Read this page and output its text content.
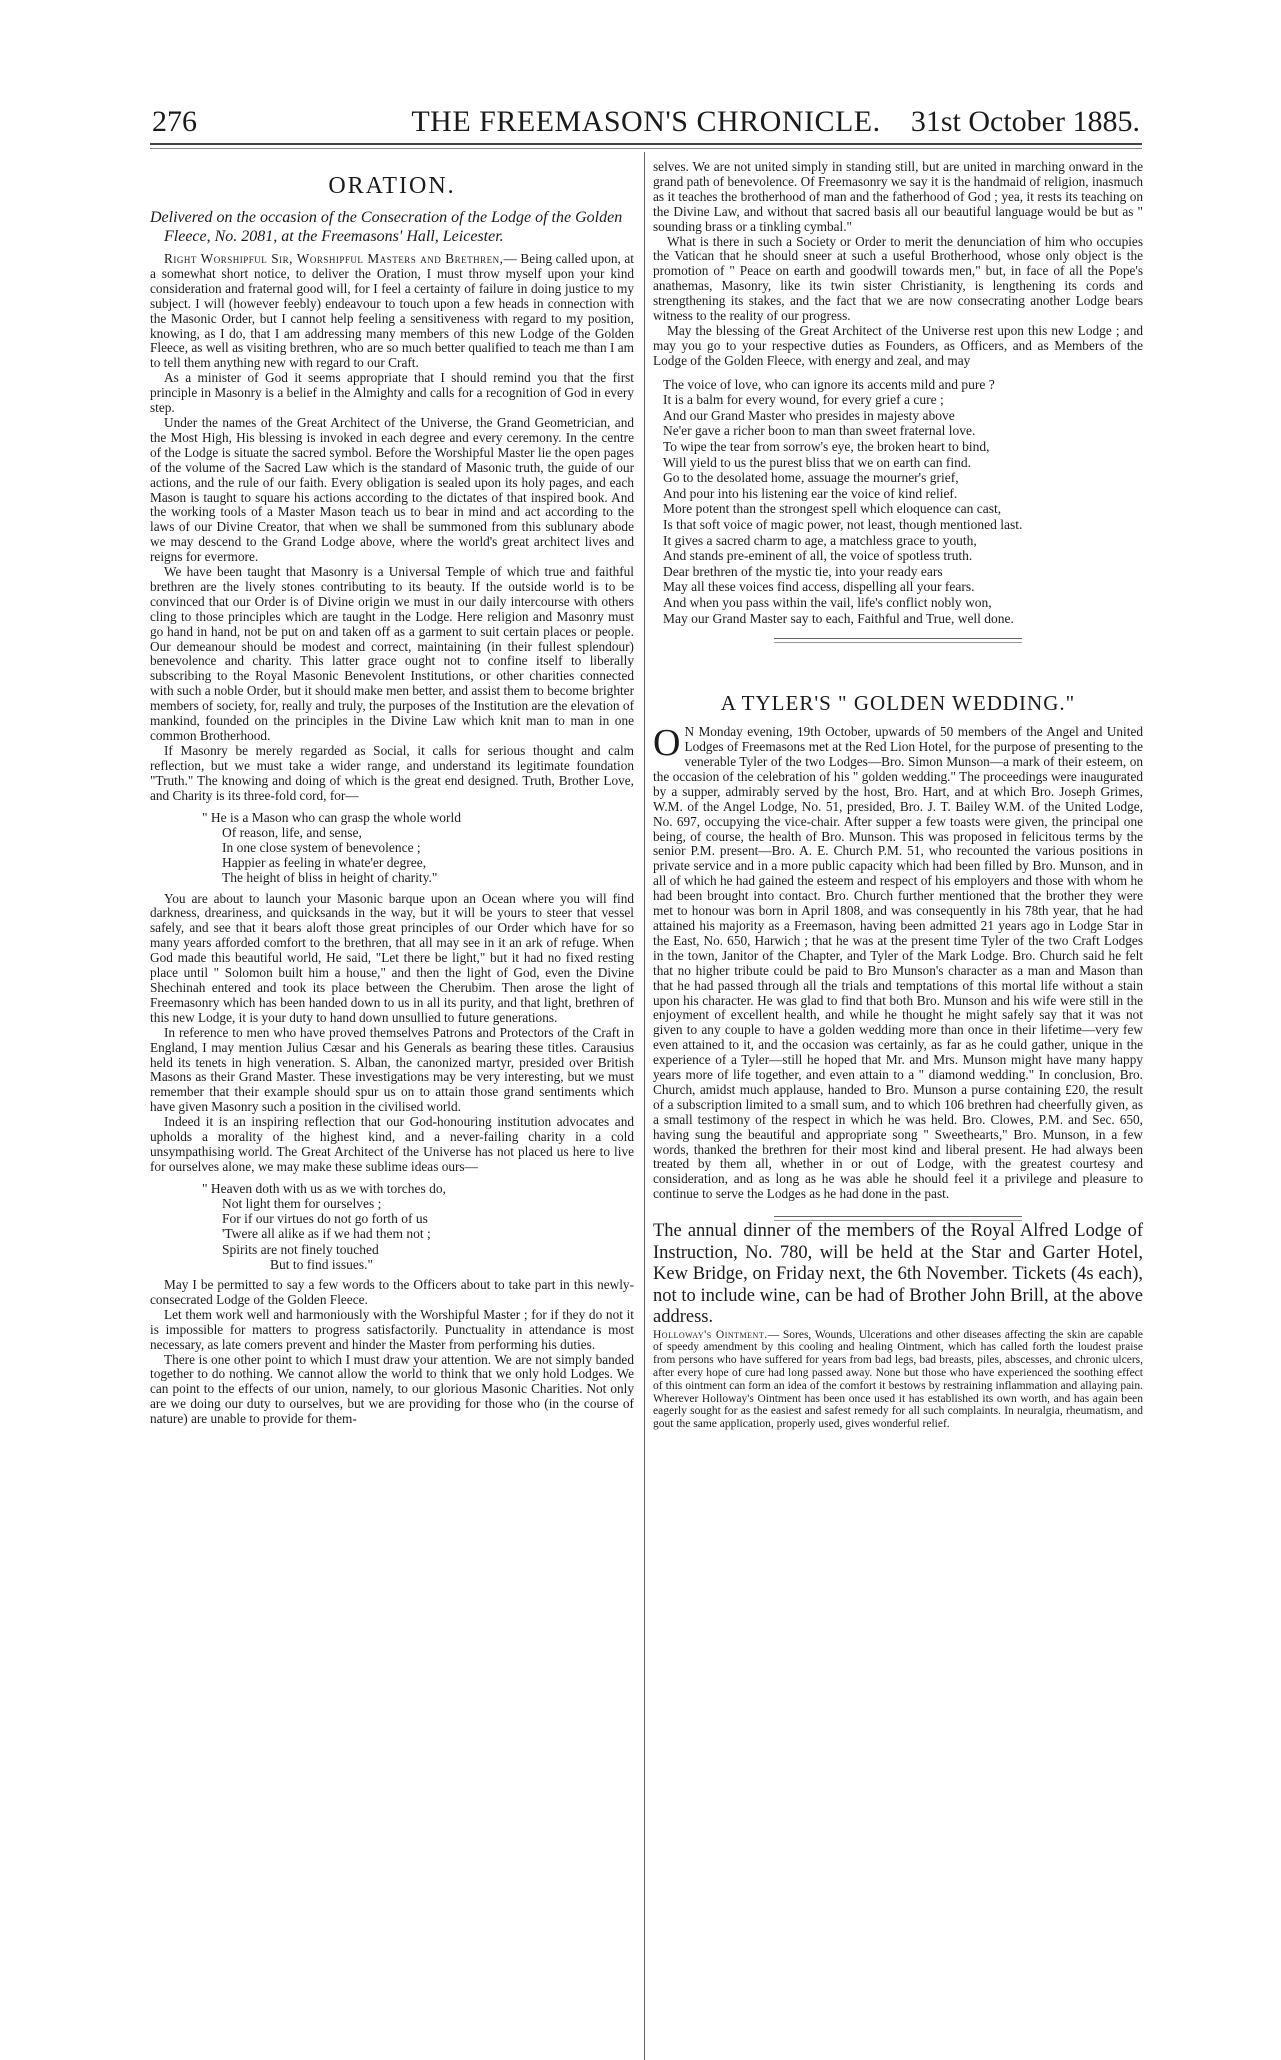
276	THE FREEMASON'S CHRONICLE.	31st October 1885.
ORATION.
Delivered on the occasion of the Consecration of the Lodge of the Golden Fleece, No. 2081, at the Freemasons' Hall, Leicester.

Right Worshipful Sir, Worshipful Masters and Brethren,— Being called upon, at a somewhat short notice, to deliver the Oration, I must throw myself upon your kind consideration and fraternal good will, for I feel a certainty of failure in doing justice to my subject. I will (however feebly) endeavour to touch upon a few heads in connection with the Masonic Order, but I cannot help feeling a sensitiveness with regard to my position, knowing, as I do, that I am addressing many members of this new Lodge of the Golden Fleece, as well as visiting brethren, who are so much better qualified to teach me than I am to tell them anything new with regard to our Craft.

As a minister of God it seems appropriate that I should remind you that the first principle in Masonry is a belief in the Almighty and calls for a recognition of God in every step.

Under the names of the Great Architect of the Universe, the Grand Geometrician, and the Most High, His blessing is invoked in each degree and every ceremony. In the centre of the Lodge is situate the sacred symbol. Before the Worshipful Master lie the open pages of the volume of the Sacred Law which is the standard of Masonic truth, the guide of our actions, and the rule of our faith. Every obligation is sealed upon its holy pages, and each Mason is taught to square his actions according to the dictates of that inspired book. And the working tools of a Master Mason teach us to bear in mind and act according to the laws of our Divine Creator, that when we shall be summoned from this sublunary abode we may descend to the Grand Lodge above, where the world's great architect lives and reigns for evermore.

We have been taught that Masonry is a Universal Temple of which true and faithful brethren are the lively stones contributing to its beauty. If the outside world is to be convinced that our Order is of Divine origin we must in our daily intercourse with others cling to those principles which are taught in the Lodge. Here religion and Masonry must go hand in hand, not be put on and taken off as a garment to suit certain places or people. Our demeanour should be modest and correct, maintaining (in their fullest splendour) benevolence and charity. This latter grace ought not to confine itself to liberally subscribing to the Royal Masonic Benevolent Institutions, or other charities connected with such a noble Order, but it should make men better, and assist them to become brighter members of society, for, really and truly, the purposes of the Institution are the elevation of mankind, founded on the principles in the Divine Law which knit man to man in one common Brotherhood.

If Masonry be merely regarded as Social, it calls for serious thought and calm reflection, but we must take a wider range, and understand its legitimate foundation "Truth." The knowing and doing of which is the great end designed. Truth, Brother Love, and Charity is its three-fold cord, for—

" He is a Mason who can grasp the whole world
Of reason, life, and sense,
In one close system of benevolence ;
Happier as feeling in whate'er degree,
The height of bliss in height of charity."

You are about to launch your Masonic barque upon an Ocean where you will find darkness, dreariness, and quicksands in the way, but it will be yours to steer that vessel safely, and see that it bears aloft those great principles of our Order which have for so many years afforded comfort to the brethren, that all may see in it an ark of refuge. When God made this beautiful world, He said, "Let there be light," but it had no fixed resting place until " Solomon built him a house," and then the light of God, even the Divine Shechinah entered and took its place between the Cherubim. Then arose the light of Freemasonry which has been handed down to us in all its purity, and that light, brethren of this new Lodge, it is your duty to hand down unsullied to future generations.

In reference to men who have proved themselves Patrons and Protectors of the Craft in England, I may mention Julius Cæsar and his Generals as bearing these titles. Carausius held its tenets in high veneration. S. Alban, the canonized martyr, presided over British Masons as their Grand Master. These investigations may be very interesting, but we must remember that their example should spur us on to attain those grand sentiments which have given Masonry such a position in the civilised world.

Indeed it is an inspiring reflection that our God-honouring institution advocates and upholds a morality of the highest kind, and a never-failing charity in a cold unsympathising world. The Great Architect of the Universe has not placed us here to live for ourselves alone, we may make these sublime ideas ours—

" Heaven doth with us as we with torches do,
Not light them for ourselves ;
For if our virtues do not go forth of us
'Twere all alike as if we had them not ;
Spirits are not finely touched
But to find issues."

May I be permitted to say a few words to the Officers about to take part in this newly-consecrated Lodge of the Golden Fleece.

Let them work well and harmoniously with the Worshipful Master ; for if they do not it is impossible for matters to progress satisfactorily. Punctuality in attendance is most necessary, as late comers prevent and hinder the Master from performing his duties.

There is one other point to which I must draw your attention. We are not simply banded together to do nothing. We cannot allow the world to think that we only hold Lodges. We can point to the effects of our union, namely, to our glorious Masonic Charities. Not only are we doing our duty to ourselves, but we are providing for those who (in the course of nature) are unable to provide for them-

selves. We are not united simply in standing still, but are united in marching onward in the grand path of benevolence. Of Freemasonry we say it is the handmaid of religion, inasmuch as it teaches the brotherhood of man and the fatherhood of God ; yea, it rests its teaching on the Divine Law, and without that sacred basis all our beautiful language would be but as " sounding brass or a tinkling cymbal."

What is there in such a Society or Order to merit the denunciation of him who occupies the Vatican that he should sneer at such a useful Brotherhood, whose only object is the promotion of " Peace on earth and goodwill towards men," but, in face of all the Pope's anathemas, Masonry, like its twin sister Christianity, is lengthening its cords and strengthening its stakes, and the fact that we are now consecrating another Lodge bears witness to the reality of our progress.

May the blessing of the Great Architect of the Universe rest upon this new Lodge ; and may you go to your respective duties as Founders, as Officers, and as Members of the Lodge of the Golden Fleece, with energy and zeal, and may

The voice of love, who can ignore its accents mild and pure ?
It is a balm for every wound, for every grief a cure ;
And our Grand Master who presides in majesty above
Ne'er gave a richer boon to man than sweet fraternal love.
To wipe the tear from sorrow's eye, the broken heart to bind,
Will yield to us the purest bliss that we on earth can find.
Go to the desolated home, assuage the mourner's grief,
And pour into his listening ear the voice of kind relief.
More potent than the strongest spell which eloquence can cast,
Is that soft voice of magic power, not least, though mentioned last.
It gives a sacred charm to age, a matchless grace to youth,
And stands pre-eminent of all, the voice of spotless truth.
Dear brethren of the mystic tie, into your ready ears
May all these voices find access, dispelling all your fears.
And when you pass within the vail, life's conflict nobly won,
May our Grand Master say to each, Faithful and True, well done.
A TYLER'S " GOLDEN WEDDING."
O N Monday evening, 19th October, upwards of 50 members of the Angel and United Lodges of Freemasons met at the Red Lion Hotel, for the purpose of presenting to the venerable Tyler of the two Lodges—Bro. Simon Munson—a mark of their esteem, on the occasion of the celebration of his " golden wedding." The proceedings were inaugurated by a supper, admirably served by the host, Bro. Hart, and at which Bro. Joseph Grimes, W.M. of the Angel Lodge, No. 51, presided, Bro. J. T. Bailey W.M. of the United Lodge, No. 697, occupying the vice-chair. After supper a few toasts were given, the principal one being, of course, the health of Bro. Munson. This was proposed in felicitous terms by the senior P.M. present—Bro. A. E. Church P.M. 51, who recounted the various positions in private service and in a more public capacity which had been filled by Bro. Munson, and in all of which he had gained the esteem and respect of his employers and those with whom he had been brought into contact. Bro. Church further mentioned that the brother they were met to honour was born in April 1808, and was consequently in his 78th year, that he had attained his majority as a Freemason, having been admitted 21 years ago in Lodge Star in the East, No. 650, Harwich ; that he was at the present time Tyler of the two Craft Lodges in the town, Janitor of the Chapter, and Tyler of the Mark Lodge. Bro. Church said he felt that no higher tribute could be paid to Bro Munson's character as a man and Mason than that he had passed through all the trials and temptations of this mortal life without a stain upon his character. He was glad to find that both Bro. Munson and his wife were still in the enjoyment of excellent health, and while he thought he might safely say that it was not given to any couple to have a golden wedding more than once in their lifetime—very few even attained to it, and the occasion was certainly, as far as he could gather, unique in the experience of a Tyler—still he hoped that Mr. and Mrs. Munson might have many happy years more of life together, and even attain to a " diamond wedding." In conclusion, Bro. Church, amidst much applause, handed to Bro. Munson a purse containing £20, the result of a subscription limited to a small sum, and to which 106 brethren had cheerfully given, as a small testimony of the respect in which he was held. Bro. Clowes, P.M. and Sec. 650, having sung the beautiful and appropriate song " Sweethearts," Bro. Munson, in a few words, thanked the brethren for their most kind and liberal present. He had always been treated by them all, whether in or out of Lodge, with the greatest courtesy and consideration, and as long as he was able he should feel it a privilege and pleasure to continue to serve the Lodges as he had done in the past.

The annual dinner of the members of the Royal Alfred Lodge of Instruction, No. 780, will be held at the Star and Garter Hotel, Kew Bridge, on Friday next, the 6th November. Tickets (4s each), not to include wine, can be had of Brother John Brill, at the above address.

Holloway's Ointment.— Sores, Wounds, Ulcerations and other diseases affecting the skin are capable of speedy amendment by this cooling and healing Ointment, which has called forth the loudest praise from persons who have suffered for years from bad legs, bad breasts, piles, abscesses, and chronic ulcers, after every hope of cure had long passed away. None but those who have experienced the soothing effect of this ointment can form an idea of the comfort it bestows by restraining inflammation and allaying pain. Wherever Holloway's Ointment has been once used it has established its own worth, and has again been eagerly sought for as the easiest and safest remedy for all such complaints. In neuralgia, rheumatism, and gout the same application, properly used, gives wonderful relief.
